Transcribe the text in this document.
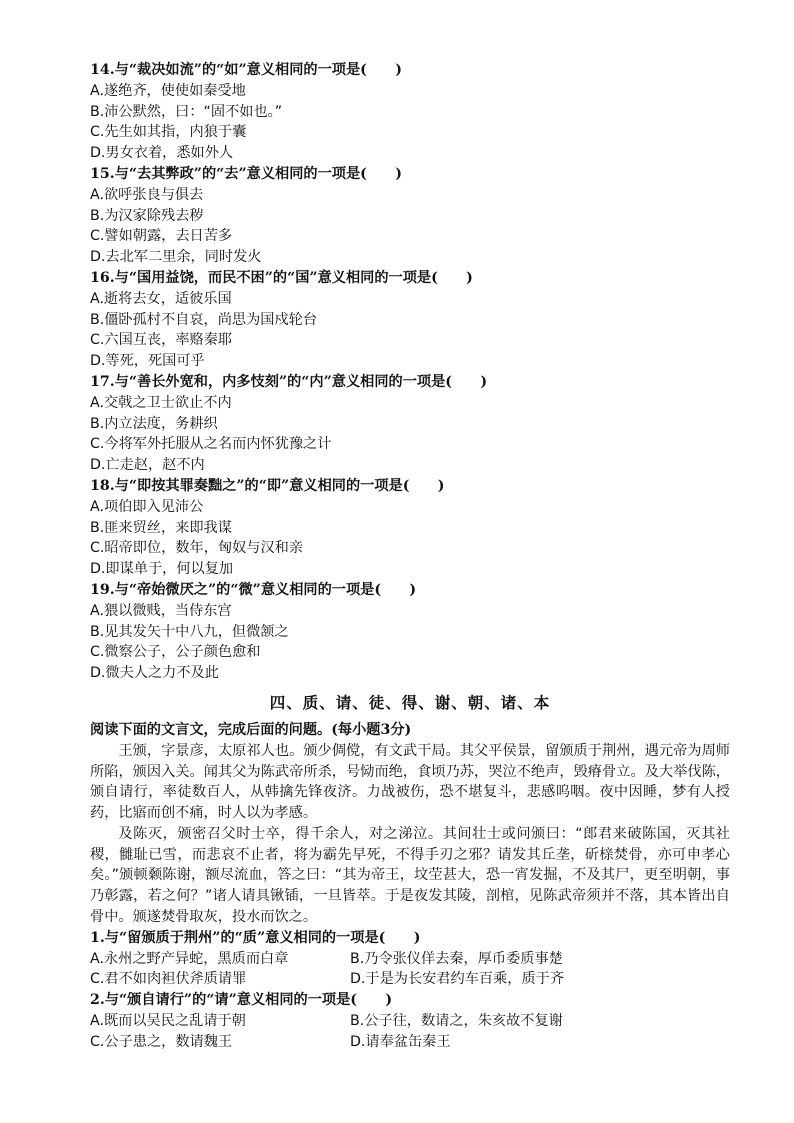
14.与“裁决如流”的“如”意义相同的一项是(　　)
A.遂绝齐，使使如秦受地
B.沛公默然，曰：“固不如也。”
C.先生如其指，内狼于囊
D.男女衣着，悉如外人
15.与“去其弊政”的“去”意义相同的一项是(　　)
A.欲呼张良与俱去
B.为汉家除残去秽
C.譬如朝露，去日苦多
D.去北军二里余，同时发火
16.与“国用益饶，而民不困”的“国”意义相同的一项是(　　)
A.逝将去女，适彼乐国
B.僵卧孤村不自哀，尚思为国戍轮台
C.六国互丧，率赂秦耶
D.等死，死国可乎
17.与“善长外宽和，内多忮刻”的“内”意义相同的一项是(　　)
A.交戟之卫士欲止不内
B.内立法度，务耕织
C.今将军外托服从之名而内怀犹豫之计
D.亡走赵，赵不内
18.与“即按其罪奏黜之”的“即”意义相同的一项是(　　)
A.项伯即入见沛公
B.匪来贸丝，来即我谋
C.昭帝即位，数年，匈奴与汉和亲
D.即谋单于，何以复加
19.与“帝始微厌之”的“微”意义相同的一项是(　　)
A.猥以微贱，当侍东宫
B.见其发矢十中八九，但微颔之
C.微察公子，公子颜色愈和
D.微夫人之力不及此
四、质、请、徒、得、谢、朝、诸、本
阅读下面的文言文，完成后面的问题。(每小题3分)
王颁，字景彦，太原祁人也。颁少倜傥，有文武干局。其父平侯景，留颁质于荆州，遇元帝为周师所陷，颁因入关。闻其父为陈武帝所杀，号恸而绝，食顷乃苏，哭泣不绝声，毁瘠骨立。及大举伐陈，颁自请行，率徒数百人，从韩擒先锋夜济。力战被伤，恐不堪复斗，悲感呜咽。夜中因睡，梦有人授药，比寤而创不痛，时人以为孝感。
及陈灭，颁密召父时士卒，得千余人，对之涕泣。其间壮士或问颁曰：“郎君来破陈国，灭其社稷，雠耻已雪，而悲哀不止者，将为霸先早死，不得手刃之邪？请发其丘垄，斫榇焚骨，亦可申孝心矣。”颁顿颡陈谢，额尽流血，答之曰：“其为帝王，坟茔甚大，恐一宵发掘，不及其尸，更至明朝，事乃彰露，若之何？”诸人请具锹锸，一旦皆萃。于是夜发其陵，剖棺，见陈武帝须并不落，其本皆出自骨中。颁遂焚骨取灰，投水而饮之。
1.与“留颁质于荆州”的“质”意义相同的一项是(　　)
A.永州之野产异蛇，黑质而白章	B.乃令张仪佯去秦，厚币委质事楚
C.君不如肉袒伏斧质请罪	D.于是为长安君约车百乘，质于齐
2.与“颁自请行”的“请”意义相同的一项是(　　)
A.既而以吴民之乱请于朝	B.公子往，数请之，朱亥故不复谢
C.公子患之，数请魏王	D.请奉盆缶秦王
